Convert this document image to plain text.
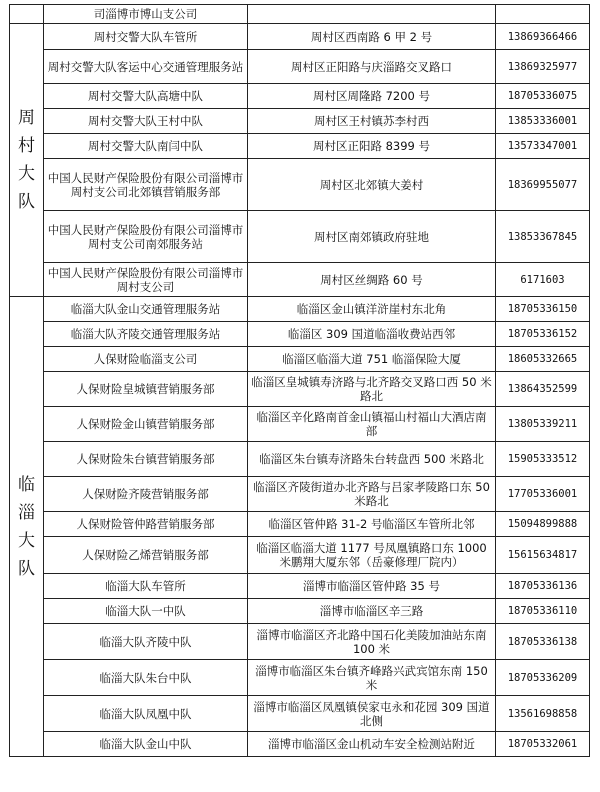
	司淄博市博山支公司		

周
村
大
队	周村交警大队车管所	周村区西南路 6 甲 2 号	13869366466
	周村交警大队客运中心交通管理服务站	周村区正阳路与庆淄路交叉路口	13869325977
	周村交警大队高塘中队	周村区周隆路 7200 号	18705336075
	周村交警大队王村中队	周村区王村镇苏李村西	13853336001
	周村交警大队南闫中队	周村区正阳路 8399 号	13573347001
	中国人民财产保险股份有限公司淄博市周村支公司北郊镇营销服务部	周村区北郊镇大姜村	18369955077
	中国人民财产保险股份有限公司淄博市周村支公司南郊服务站	周村区南郊镇政府驻地	13853367845
	中国人民财产保险股份有限公司淄博市周村支公司	周村区丝绸路 60 号	6171603

临
淄
大
队	临淄大队金山交通管理服务站	临淄区金山镇洋浒崖村东北角	18705336150
	临淄大队齐陵交通管理服务站	临淄区 309 国道临淄收费站西邻	18705336152
	人保财险临淄支公司	临淄区临淄大道 751 临淄保险大厦	18605332665
	人保财险皇城镇营销服务部	临淄区皇城镇寿济路与北齐路交叉路口西 50 米路北	13864352599
	人保财险金山镇营销服务部	临淄区辛化路南首金山镇福山村福山大酒店南部	13805339211
	人保财险朱台镇营销服务部	临淄区朱台镇寿济路朱台转盘西 500 米路北	15905333512
	人保财险齐陵营销服务部	临淄区齐陵街道办北齐路与吕家孝陵路口东 50 米路北	17705336001
	人保财险管仲路营销服务部	临淄区管仲路 31-2 号临淄区车管所北邻	15094899888
	人保财险乙烯营销服务部	临淄区临淄大道 1177 号凤凰镇路口东 1000 米鹏翔大厦东邻（岳豪修理厂院内）	15615634817
	临淄大队车管所	淄博市临淄区管仲路 35 号	18705336136
	临淄大队一中队	淄博市临淄区辛三路	18705336110
	临淄大队齐陵中队	淄博市临淄区齐北路中国石化美陵加油站东南 100 米	18705336138
	临淄大队朱台中队	淄博市临淄区朱台镇齐峰路兴武宾馆东南 150 米	18705336209
	临淄大队凤凰中队	淄博市临淄区凤凰镇侯家屯永和花园 309 国道北侧	13561698858
	临淄大队金山中队	淄博市临淄区金山机动车安全检测站附近	18705332061
